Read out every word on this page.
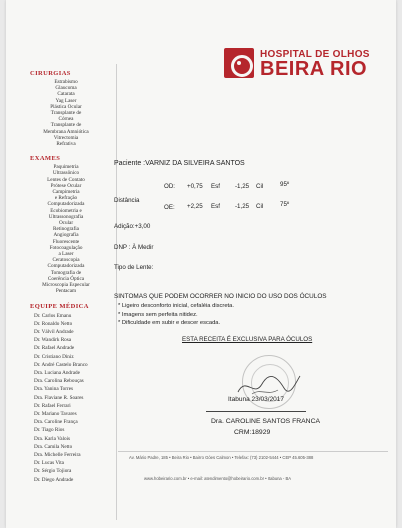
HOSPITAL DE OLHOS
BEIRA RIO
CIRURGIAS
Estrabismo
Glaucoma
Catarata
Yag Laser
Plástica Ocular
Transplante de
Córnea
Transplante de
Membrana Amniótica
Vitrectomia
Refrativa
EXAMES
Paquimetria
Ultrassônico
Lentes de Contato
Prótese Ocular
Campimetria
e Refração
Computadorizada
Ecobiometria e
Ultrassonografia
Ocular
Retinografia
Angiografia
Fluorescente
Fotocoagulação
a Laser
Ceratoscopia
Computadorizada
Tomografia de
Coerência Óptica
Microscopia Especular
Pentacam
EQUIPE MÉDICA
Dr. Carlos Emanu
Dr. Ronaldo Netto
Dr. Válvil Andrade
Dr. Wandirk Rosa
Dr. Rafael Andrade
Dr. Cristiano Diniz
Dr. André Castelo Branco
Dra. Luciana Andrade
Dra. Carolina Rebouças
Dra. Yanina Torres
Dra. Flaviane R. Soares
Dr. Rafael Ferrari
Dr. Mariano Tavares
Dra. Caroline França
Dr. Tiago Rios
Dra. Karla Valois
Dra. Camila Netto
Dra. Michelle Ferreira
Dr. Lucas Vita
Dr. Sérgio Tojiora
Dr. Diego Andrade
Paciente :VARNIZ DA SILVEIRA SANTOS
Distância
OD: +0,75 Esf -1,25 Cil	95º
OE: +2,25 Esf -1,25 Cil	75º
Adição:+3,00
DNP : À Medir
Tipo de Lente:
SINTOMAS QUE PODEM OCORRER NO INICIO DO USO DOS ÓCULOS
* Ligeiro desconforto inicial, cefaléia discreta.
* Imagens sem perfeita nitidez.
* Dificuldade em subir e descer escada.
ESTA RECEITA É EXCLUSIVA PARA ÓCULOS
Itabuna 23/03/2017
Dra. CAROLINE SANTOS FRANCA
CRM:18929
Av. Mário Padre, 185 • Beira Rio • Bairro Góes Calmon • Telefax: (73) 2102-5444 • CEP 45.605-388
www.hobeirario.com.br • e-mail: atendimento@hobeirario.com.br • Itabuna - BA
